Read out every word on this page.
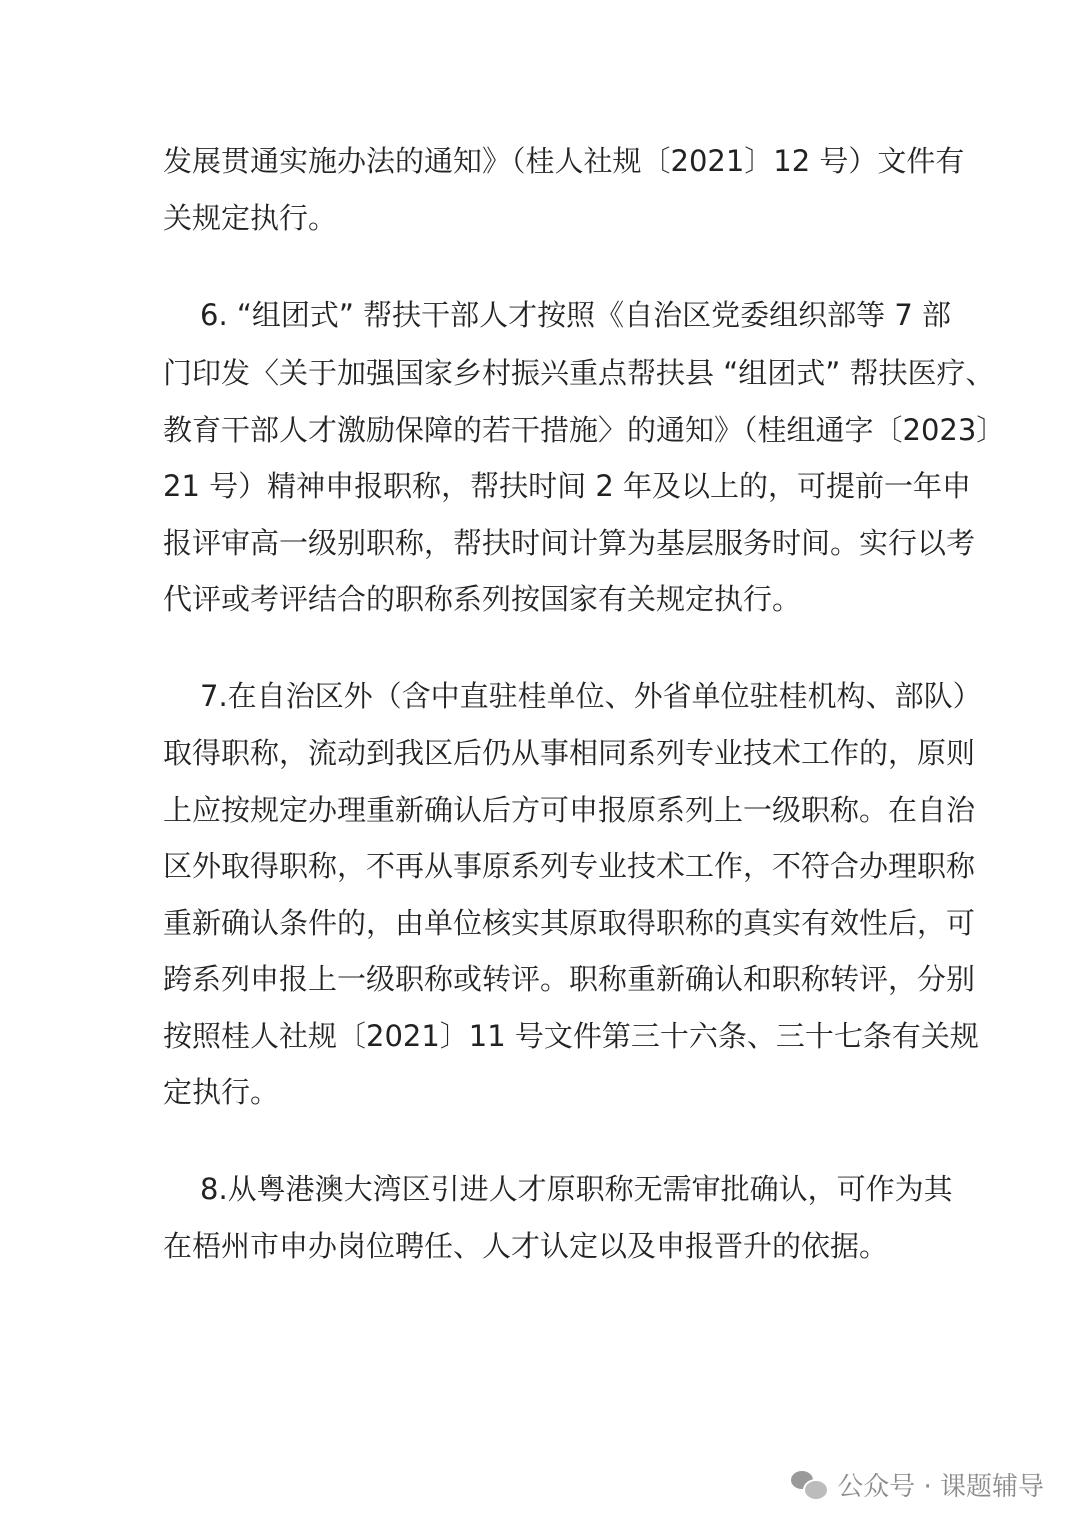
发展贯通实施办法的通知》（桂人社规〔2021〕12 号）文件有
关规定执行。
6. “组团式” 帮扶干部人才按照《自治区党委组织部等 7 部
门印发〈关于加强国家乡村振兴重点帮扶县 “组团式” 帮扶医疗、
教育干部人才激励保障的若干措施〉的通知》（桂组通字〔2023〕
21 号）精神申报职称，帮扶时间 2 年及以上的，可提前一年申
报评审高一级别职称，帮扶时间计算为基层服务时间。实行以考
代评或考评结合的职称系列按国家有关规定执行。
7.在自治区外（含中直驻桂单位、外省单位驻桂机构、部队）
取得职称，流动到我区后仍从事相同系列专业技术工作的，原则
上应按规定办理重新确认后方可申报原系列上一级职称。在自治
区外取得职称，不再从事原系列专业技术工作，不符合办理职称
重新确认条件的，由单位核实其原取得职称的真实有效性后，可
跨系列申报上一级职称或转评。职称重新确认和职称转评，分别
按照桂人社规〔2021〕11 号文件第三十六条、三十七条有关规
定执行。
8.从粤港澳大湾区引进人才原职称无需审批确认，可作为其
在梧州市申办岗位聘任、人才认定以及申报晋升的依据。
公众号 · 课题辅导
